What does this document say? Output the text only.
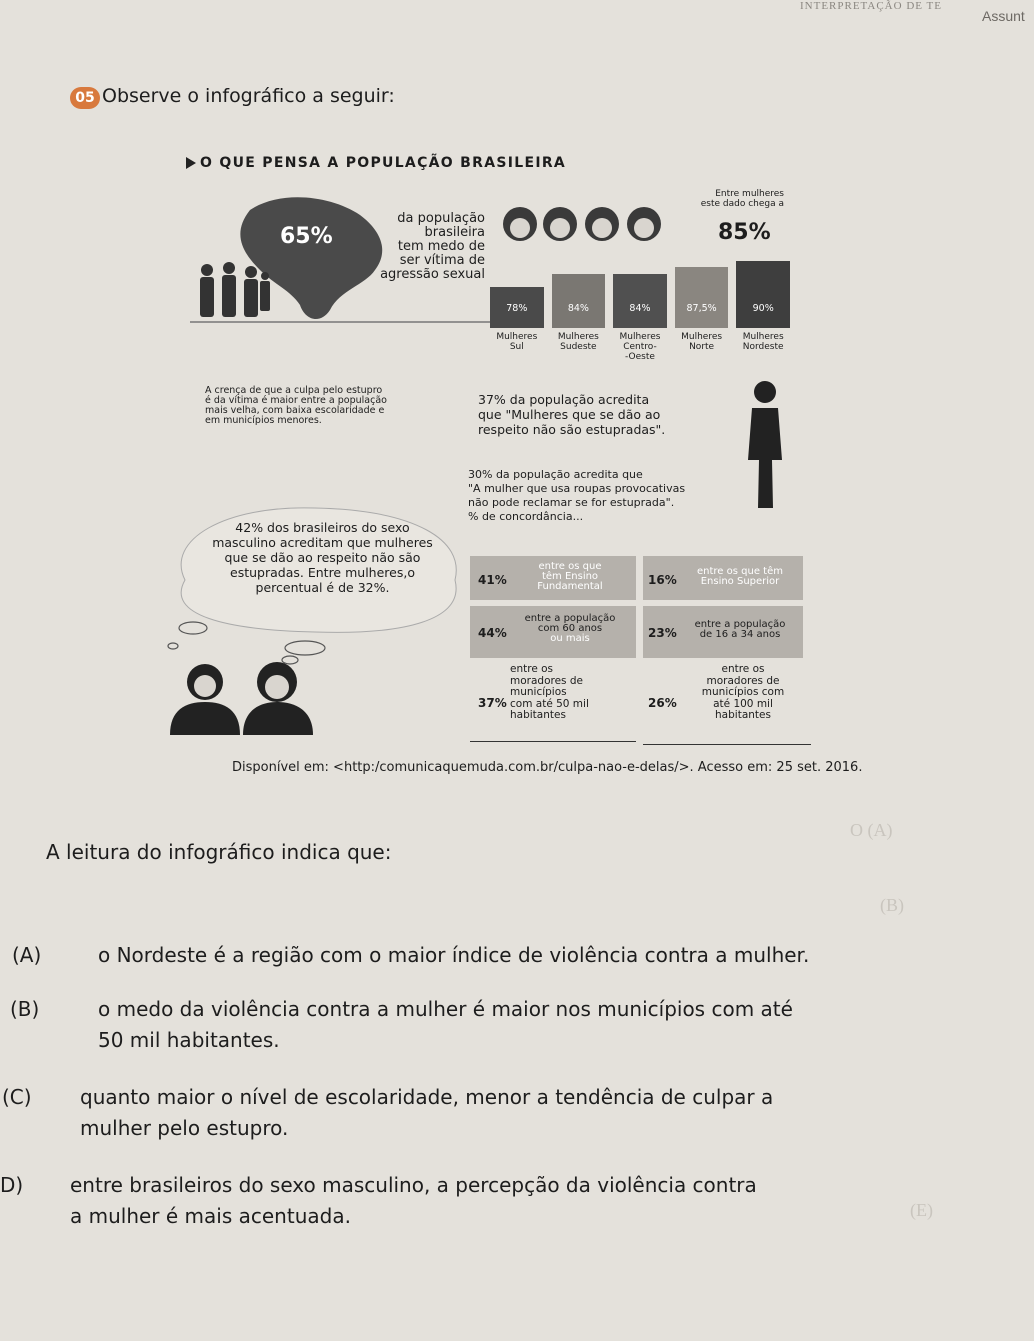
INTERPRETAÇÃO DE TE
Assunt
O (A)
(B)
(E)
05 Observe o infográfico a seguir:
O QUE PENSA A POPULAÇÃO BRASILEIRA
65%
da população
brasileira
tem medo de
ser vítima de
agressão sexual
Entre mulheres
este dado chega a
85%
78%	84%	84%	87,5%	90%
Mulheres
Sul
Mulheres
Sudeste
Mulheres
Centro-
-Oeste
Mulheres
Norte
Mulheres
Nordeste
A crença de que a culpa pelo estupro
é da vítima é maior entre a população
mais velha, com baixa escolaridade e
em municípios menores.
37% da população acredita
que "Mulheres que se dão ao
respeito não são estupradas".
30% da população acredita que
"A mulher que usa roupas provocativas
não pode reclamar se for estuprada".
% de concordância...
42% dos brasileiros do sexo
masculino acreditam que mulheres
que se dão ao respeito não são
estupradas. Entre mulheres,o
percentual é de 32%.	41%
entre os que
têm Ensino
Fundamental	16%
entre os que têm
Ensino Superior
44%
entre a população
com 60 anos
ou mais	23%
entre a população
de 16 a 34 anos
37%
entre os
moradores de
municípios
com até 50 mil
habitantes
26%
entre os
moradores de
municípios com
até 100 mil
habitantes
Disponível em: <http:/comunicaquemuda.com.br/culpa-nao-e-delas/>. Acesso em: 25 set. 2016.
A leitura do infográfico indica que:
(A)	o Nordeste é a região com o maior índice de violência contra a mulher.
(B)	o medo da violência contra a mulher é maior nos municípios com até
50 mil habitantes.
(C) quanto maior o nível de escolaridade, menor a tendência de culpar a
mulher pelo estupro.
D) entre brasileiros do sexo masculino, a percepção da violência contra
a mulher é mais acentuada.
